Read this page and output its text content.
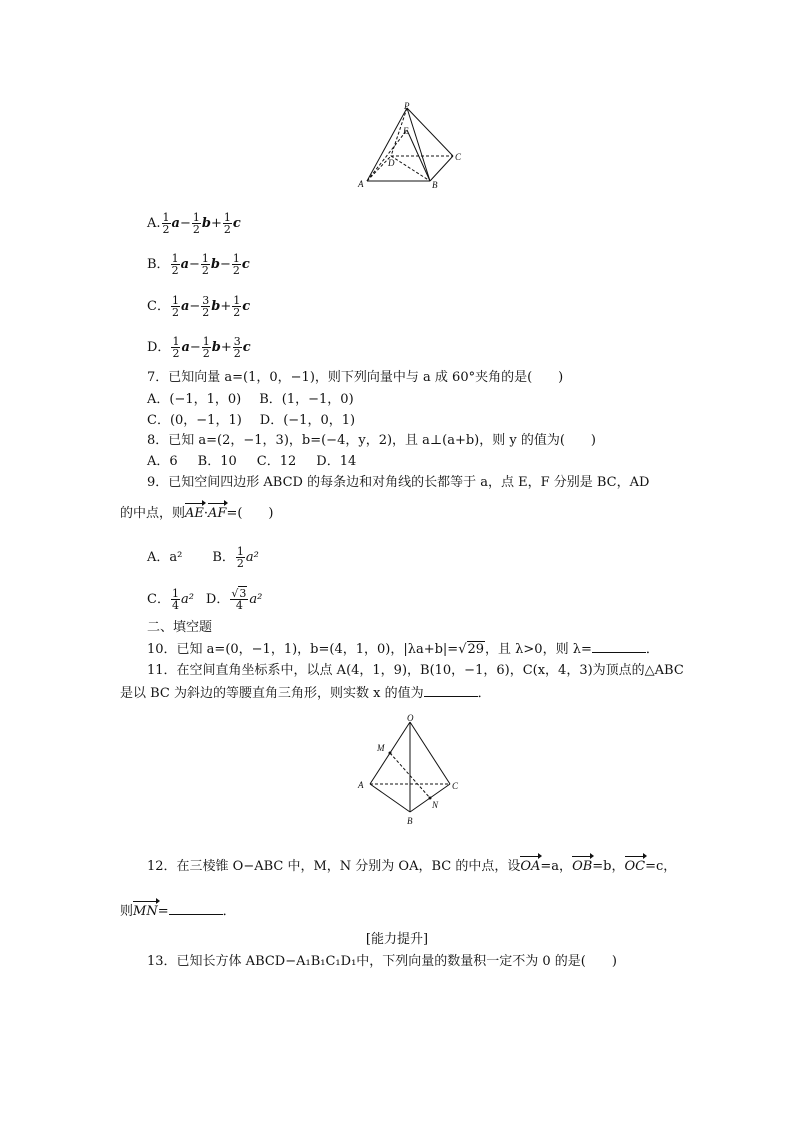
P
E
D
C
A	B
A. $\frac{1}{2} a- \frac{1}{2} b+ \frac{1}{2}$ c
B． $\frac{1}{2} a- \frac{1}{2} b- \frac{1}{2}$ c
C． $\frac{1}{2} a- \frac{3}{2} b+ \frac{1}{2}$ c
D． $\frac{1}{2} a- \frac{1}{2} b+ \frac{3}{2}$ c
7．已知向量 a=(1，0，−1)，则下列向量中与 a 成 60°夹角的是(　　)
A．(−1，1，0) B．(1，−1，0)
C．(0，−1，1) D．(−1，0，1)
8．已知 a=(2，−1，3)，b=(−4，y，2)，且 a⊥(a+b)，则 y 的值为(　　)
A．6 B．10 C．12 D．14
9．已知空间四边形 ABCD 的每条边和对角线的长都等于 a，点 E，F 分别是 BC，AD
的中点，则AE·AF=(　　)
A．a² B． $\frac{1}{2} a^2$
C． $\frac{1}{4} a^2$ D． $\frac{√3}{4} a^2$
二、填空题
10．已知 a=(0，−1，1)，b=(4，1，0)，|λa+b|=√29，且 λ>0，则 λ=	．
11．在空间直角坐标系中，以点 A(4，1，9)，B(10，−1，6)，C(x，4，3)为顶点的△ABC
是以 BC 为斜边的等腰直角三角形，则实数 x 的值为	．
O
M
A	C
N
B
12．在三棱锥 O−ABC 中，M，N 分别为 OA，BC 的中点，设OA=a，OB=b，OC=c，
则MN=	．
[能力提升]
13．已知长方体 ABCD−A₁B₁C₁D₁中，下列向量的数量积一定不为 0 的是(　　)
